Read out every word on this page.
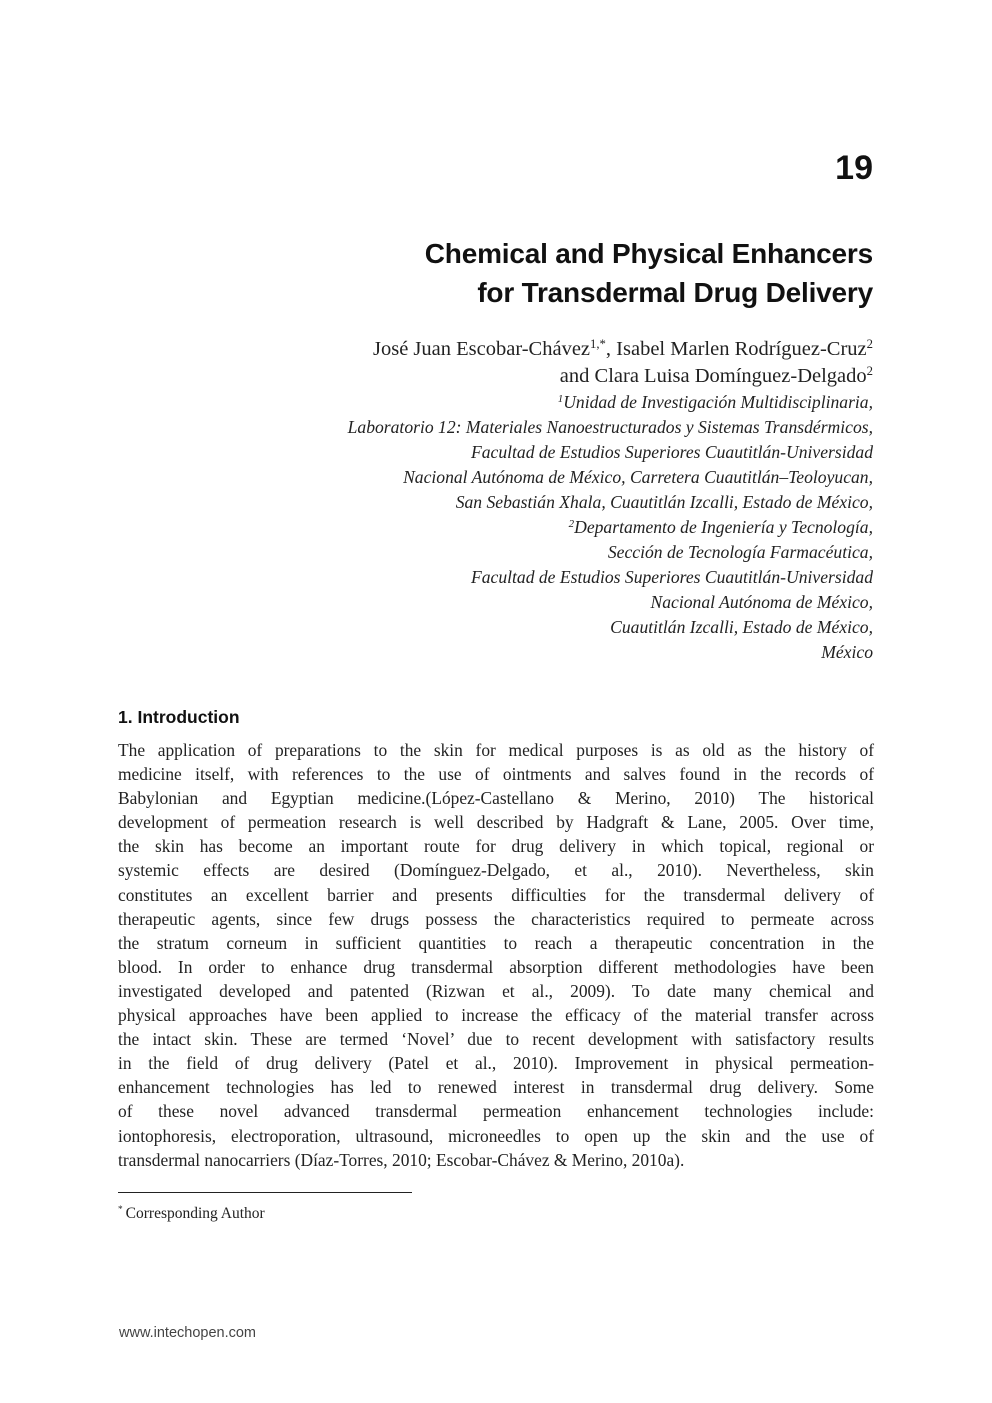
19
Chemical and Physical Enhancers
for Transdermal Drug Delivery
José Juan Escobar-Chávez$^{1,*}$, Isabel Marlen Rodríguez-Cruz$^2$
and Clara Luisa Domínguez-Delgado$^2$
$^1$Unidad de Investigación Multidisciplinaria,
Laboratorio 12: Materiales Nanoestructurados y Sistemas Transdérmicos,
Facultad de Estudios Superiores Cuautitlán-Universidad
Nacional Autónoma de México, Carretera Cuautitlán–Teoloyucan,
San Sebastián Xhala, Cuautitlán Izcalli, Estado de México,
$^2$Departamento de Ingeniería y Tecnología,
Sección de Tecnología Farmacéutica,
Facultad de Estudios Superiores Cuautitlán-Universidad
Nacional Autónoma de México,
Cuautitlán Izcalli, Estado de México,
México
1. Introduction
The application of preparations to the skin for medical purposes is as old as the history of
medicine itself, with references to the use of ointments and salves found in the records of
Babylonian and Egyptian medicine.(López-Castellano & Merino, 2010) The historical
development of permeation research is well described by Hadgraft & Lane, 2005. Over time,
the skin has become an important route for drug delivery in which topical, regional or
systemic effects are desired (Domínguez-Delgado, et al., 2010). Nevertheless, skin
constitutes an excellent barrier and presents difficulties for the transdermal delivery of
therapeutic agents, since few drugs possess the characteristics required to permeate across
the stratum corneum in sufficient quantities to reach a therapeutic concentration in the
blood. In order to enhance drug transdermal absorption different methodologies have been
investigated developed and patented (Rizwan et al., 2009). To date many chemical and
physical approaches have been applied to increase the efficacy of the material transfer across
the intact skin. These are termed ‘Novel’ due to recent development with satisfactory results
in the field of drug delivery (Patel et al., 2010). Improvement in physical permeation-
enhancement technologies has led to renewed interest in transdermal drug delivery. Some
of these novel advanced transdermal permeation enhancement technologies include:
iontophoresis, electroporation, ultrasound, microneedles to open up the skin and the use of
transdermal nanocarriers (Díaz-Torres, 2010; Escobar-Chávez & Merino, 2010a).
* Corresponding Author
www.intechopen.com
